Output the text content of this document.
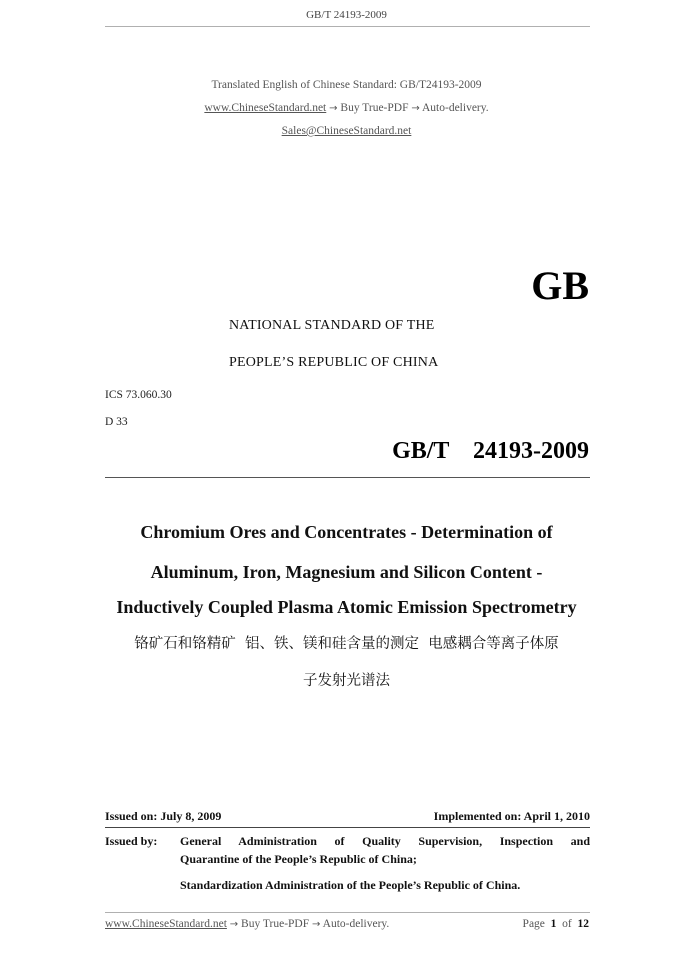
GB/T 24193-2009
Translated English of Chinese Standard: GB/T24193-2009
www.ChineseStandard.net → Buy True-PDF → Auto-delivery.
Sales@ChineseStandard.net
GB
NATIONAL STANDARD OF THE
PEOPLE’S REPUBLIC OF CHINA
ICS 73.060.30
D 33
GB/T  24193-2009
Chromium Ores and Concentrates - Determination of
Aluminum, Iron, Magnesium and Silicon Content -
Inductively Coupled Plasma Atomic Emission Spectrometry
铬矿石和铬精矿  铝、铁、镁和硅含量的测定  电感耦合等离子体原
子发射光谱法
Issued on: July 8, 2009	Implemented on: April 1, 2010
Issued by:	General Administration of Quality Supervision, Inspection and
Quarantine of the People’s Republic of China;
Standardization Administration of the People’s Republic of China.
www.ChineseStandard.net → Buy True-PDF → Auto-delivery.	Page 1 of 12
